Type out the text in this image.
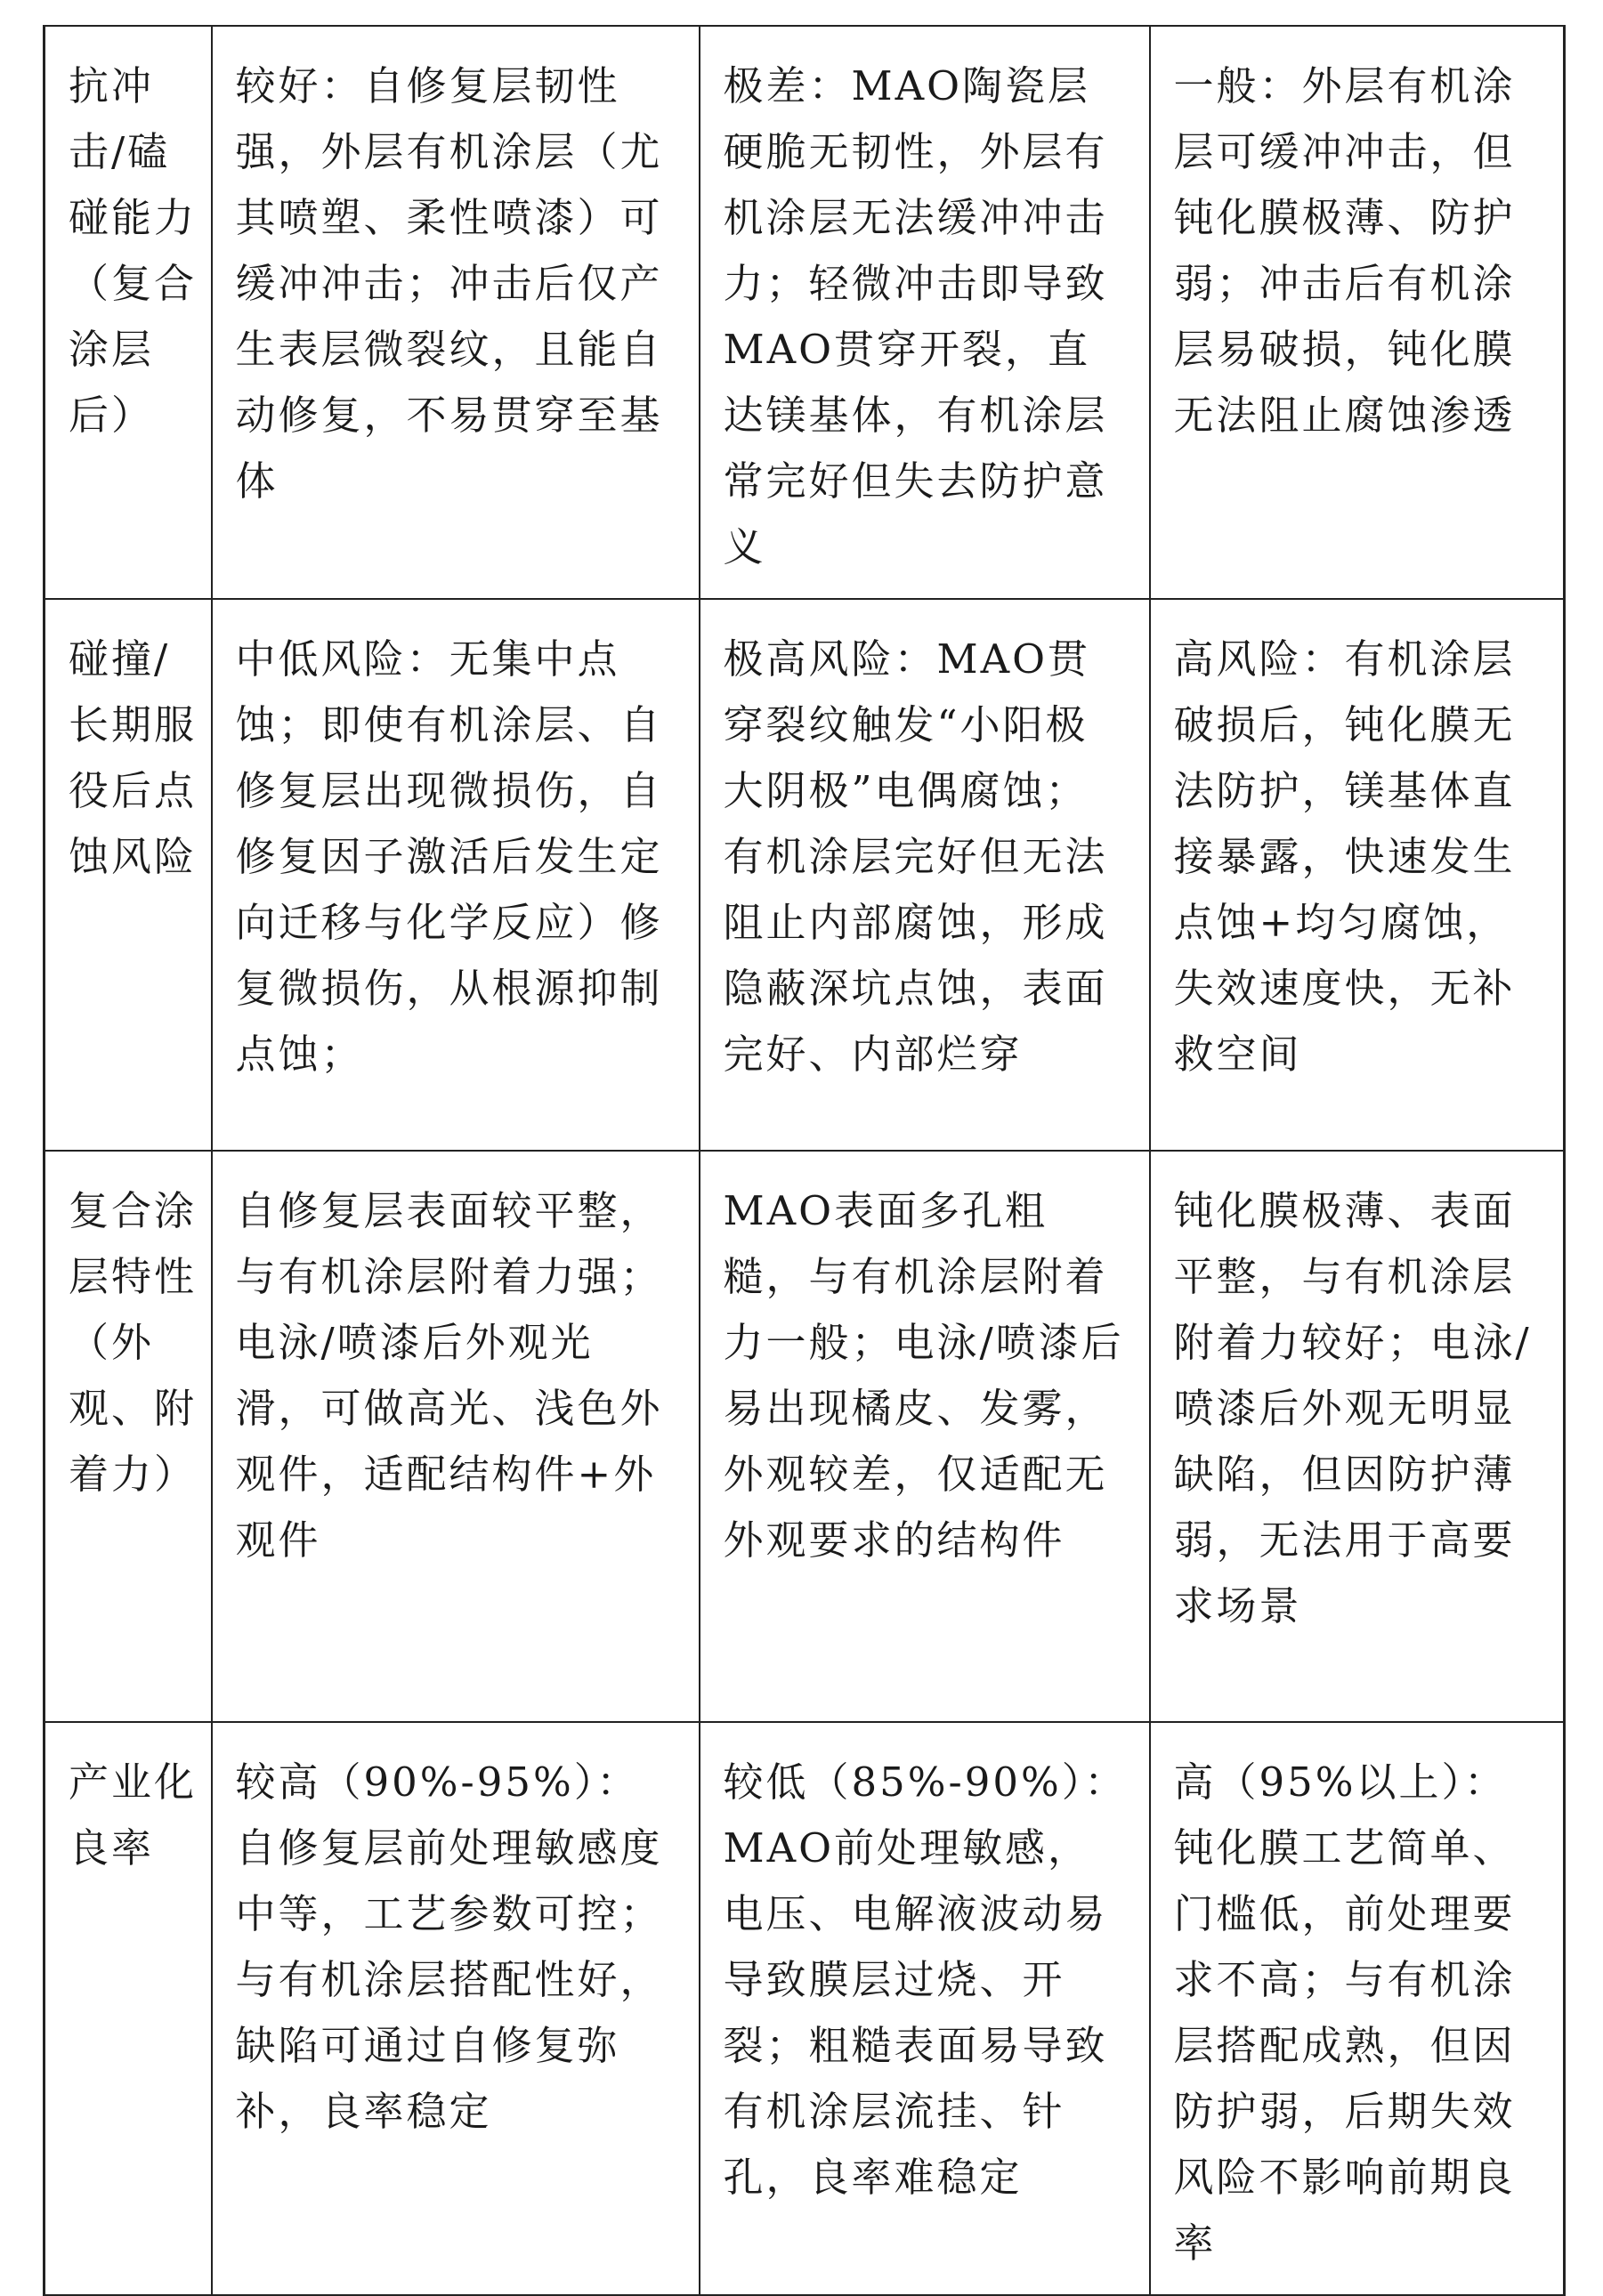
抗冲击/磕碰能力（复合涂层后）	较好：自修复层韧性强，外层有机涂层（尤其喷塑、柔性喷漆）可缓冲冲击；冲击后仅产生表层微裂纹，且能自动修复，不易贯穿至基体	极差：MAO陶瓷层硬脆无韧性，外层有机涂层无法缓冲冲击力；轻微冲击即导致MAO贯穿开裂，直达镁基体，有机涂层常完好但失去防护意义	一般：外层有机涂层可缓冲冲击，但钝化膜极薄、防护弱；冲击后有机涂层易破损，钝化膜无法阻止腐蚀渗透
碰撞/长期服役后点蚀风险	中低风险：无集中点蚀；即使有机涂层、自修复层出现微损伤，自修复因子激活后发生定向迁移与化学反应）修复微损伤，从根源抑制点蚀；	极高风险：MAO贯穿裂纹触发“小阳极大阴极”电偶腐蚀；有机涂层完好但无法阻止内部腐蚀，形成隐蔽深坑点蚀，表面完好、内部烂穿	高风险：有机涂层破损后，钝化膜无法防护，镁基体直接暴露，快速发生点蚀+均匀腐蚀，失效速度快，无补救空间
复合涂层特性（外观、附着力）	自修复层表面较平整，与有机涂层附着力强；电泳/喷漆后外观光滑，可做高光、浅色外观件，适配结构件+外观件	MAO表面多孔粗糙，与有机涂层附着力一般；电泳/喷漆后易出现橘皮、发雾，外观较差，仅适配无外观要求的结构件	钝化膜极薄、表面平整，与有机涂层附着力较好；电泳/喷漆后外观无明显缺陷，但因防护薄弱，无法用于高要求场景
产业化良率	较高（90%-95%）：自修复层前处理敏感度中等，工艺参数可控；与有机涂层搭配性好，缺陷可通过自修复弥补，良率稳定	较低（85%-90%）：MAO前处理敏感，电压、电解液波动易导致膜层过烧、开裂；粗糙表面易导致有机涂层流挂、针孔，良率难稳定	高（95%以上）：钝化膜工艺简单、门槛低，前处理要求不高；与有机涂层搭配成熟，但因防护弱，后期失效风险不影响前期良率
